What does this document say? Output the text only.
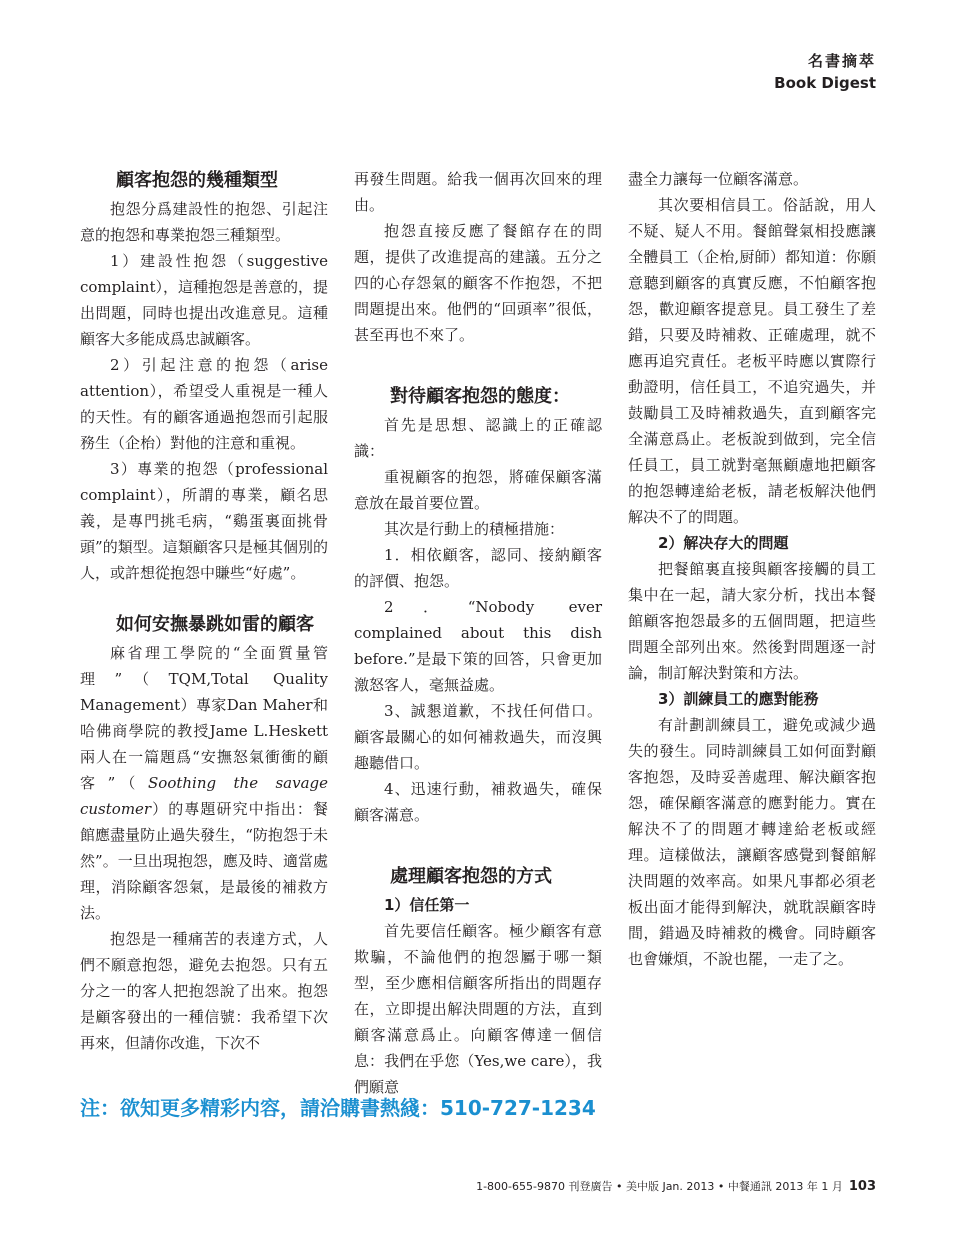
名書摘萃
Book Digest
顧客抱怨的幾種類型

抱怨分爲建設性的抱怨、引起注意的抱怨和專業抱怨三種類型。

1）建設性抱怨（suggestive complaint），這種抱怨是善意的，提出問題，同時也提出改進意見。這種顧客大多能成爲忠誠顧客。

2）引起注意的抱怨（arise attention），希望受人重視是一種人的天性。有的顧客通過抱怨而引起服務生（企枱）對他的注意和重視。

3）專業的抱怨（professional complaint），所謂的專業，顧名思義，是專門挑毛病，“鷄蛋裏面挑骨頭”的類型。這類顧客只是極其個別的人，或許想從抱怨中賺些“好處”。

如何安撫暴跳如雷的顧客

麻省理工學院的“全面質量管理”（TQM,Total Quality Management）專家Dan Maher和哈佛商學院的教授Jame L.Heskett兩人在一篇題爲“安撫怒氣衝衝的顧客”（Soothing the savage customer）的專題研究中指出：餐館應盡量防止過失發生，“防抱怨于未然”。一旦出現抱怨，應及時、適當處理，消除顧客怨氣，是最後的補救方法。

抱怨是一種痛苦的表達方式，人們不願意抱怨，避免去抱怨。只有五分之一的客人把抱怨說了出來。抱怨是顧客發出的一種信號：我希望下次再來，但請你改進，下次不

再發生問題。給我一個再次回來的理由。

抱怨直接反應了餐館存在的問題，提供了改進提高的建議。五分之四的心存怨氣的顧客不作抱怨，不把問題提出來。他們的“回頭率”很低，甚至再也不來了。

對待顧客抱怨的態度：

首先是思想、認識上的正確認識：

重視顧客的抱怨，將確保顧客滿意放在最首要位置。

其次是行動上的積極措施：

1．相依顧客，認同、接納顧客的評價、抱怨。

2．“Nobody ever complained about this dish before.”是最下策的回答，只會更加激怒客人，毫無益處。

3、誠懇道歉，不找任何借口。顧客最關心的如何補救過失，而沒興趣聽借口。

4、迅速行動，補救過失，確保顧客滿意。

處理顧客抱怨的方式
1）信任第一

首先要信任顧客。極少顧客有意欺騙，不論他們的抱怨屬于哪一類型，至少應相信顧客所指出的問題存在，立即提出解決問題的方法，直到顧客滿意爲止。向顧客傳達一個信息：我們在乎您（Yes,we care），我們願意

盡全力讓每一位顧客滿意。

其次要相信員工。俗話說，用人不疑、疑人不用。餐館聲氣相投應讓全體員工（企枱,厨師）都知道：你願意聽到顧客的真實反應，不怕顧客抱怨，歡迎顧客提意見。員工發生了差錯，只要及時補救、正確處理，就不應再追究責任。老板平時應以實際行動證明，信任員工，不追究過失，并鼓勵員工及時補救過失，直到顧客完全滿意爲止。老板說到做到，完全信任員工，員工就對毫無顧慮地把顧客的抱怨轉達給老板，請老板解決他們解决不了的問題。

2）解决存大的問題

把餐館裏直接與顧客接觸的員工集中在一起，請大家分析，找出本餐館顧客抱怨最多的五個問題，把這些問題全部列出來。然後對問題逐一討論，制訂解決對策和方法。

3）訓練員工的應對能務

有計劃訓練員工，避免或減少過失的發生。同時訓練員工如何面對顧客抱怨，及時妥善處理、解決顧客抱怨，確保顧客滿意的應對能力。實在解決不了的問題才轉達給老板或經理。這樣做法，讓顧客感覺到餐館解決問題的效率高。如果凡事都必須老板出面才能得到解決，就耽誤顧客時間，錯過及時補救的機會。同時顧客也會嫌煩，不說也罷，一走了之。

注：欲知更多精彩内容，請洽購書熱綫：510-727-1234
1-800-655-9870 刊登廣告 • 美中版 Jan. 2013 • 中餐通訊 2013 年 1 月 103
